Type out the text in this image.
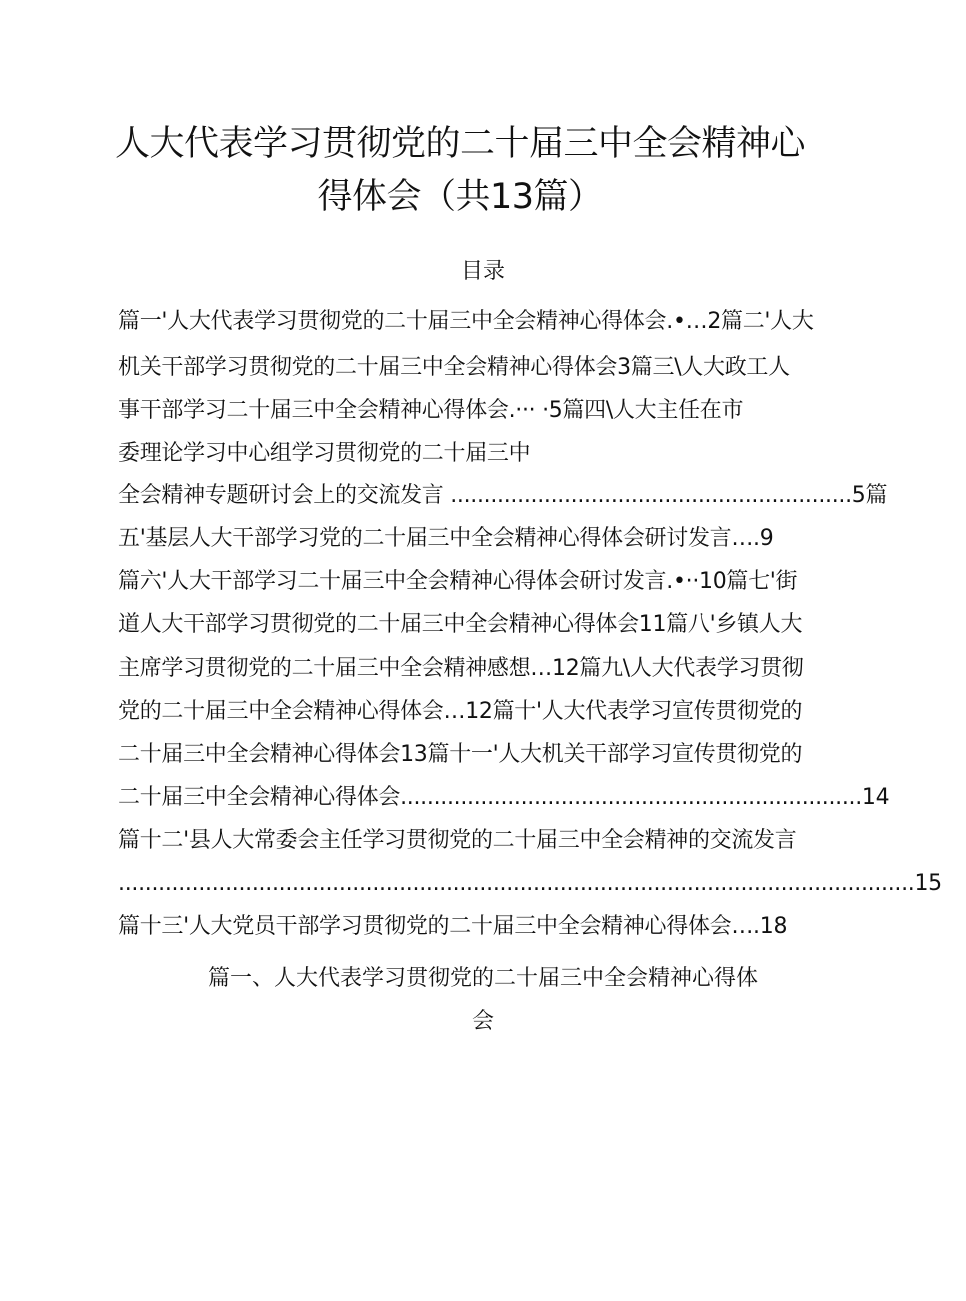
人大代表学习贯彻党的二十届三中全会精神心
得体会（共13篇）
目录
篇一'人大代表学习贯彻党的二十届三中全会精神心得体会.•…2篇二'人大
机关干部学习贯彻党的二十届三中全会精神心得体会3篇三\人大政工人
事干部学习二十届三中全会精神心得体会.··· ·5篇四\人大主任在市
委理论学习中心组学习贯彻党的二十届三中
全会精神专题研讨会上的交流发言 ............................................................5篇
五'基层人大干部学习党的二十届三中全会精神心得体会研讨发言….9
篇六'人大干部学习二十届三中全会精神心得体会研讨发言.•··10篇七'街
道人大干部学习贯彻党的二十届三中全会精神心得体会11篇八'乡镇人大
主席学习贯彻党的二十届三中全会精神感想…12篇九\人大代表学习贯彻
党的二十届三中全会精神心得体会…12篇十'人大代表学习宣传贯彻党的
二十届三中全会精神心得体会13篇十一'人大机关干部学习宣传贯彻党的
二十届三中全会精神心得体会.....................................................................14
篇十二'县人大常委会主任学习贯彻党的二十届三中全会精神的交流发言
.......................................................................................................................15
篇十三'人大党员干部学习贯彻党的二十届三中全会精神心得体会….18
篇一、人大代表学习贯彻党的二十届三中全会精神心得体
会
